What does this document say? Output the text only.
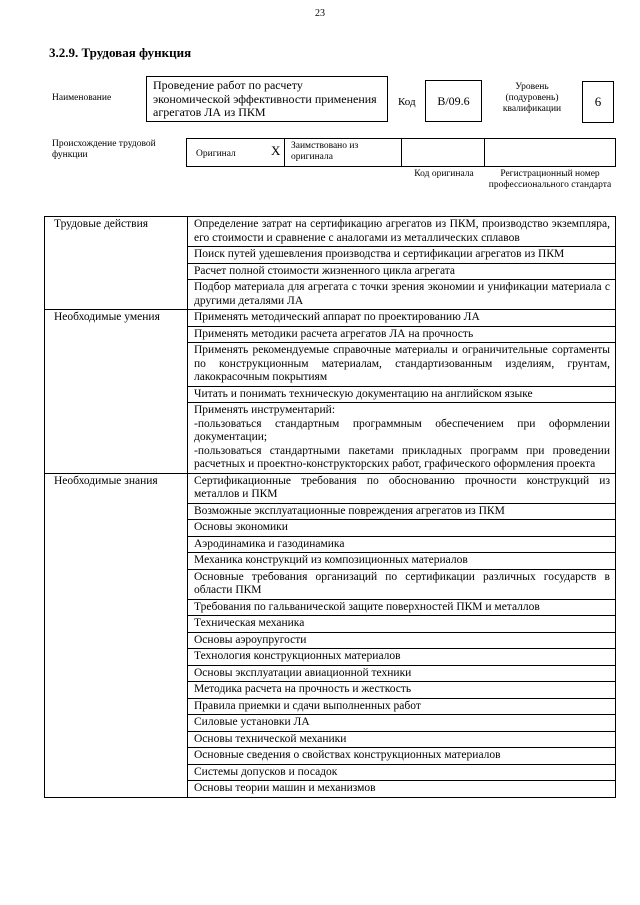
23
3.2.9. Трудовая функция
Наименование
Проведение работ по расчету экономической эффективности применения агрегатов ЛА из ПКМ
Код	B/09.6
Уровень (подуровень) квалификации	6
Происхождение трудовой функции	Оригинал	X	Заимствовано из оригинала
Код оригинала	Регистрационный номер профессионального стандарта
Трудовые действия	Определение затрат на сертификацию агрегатов из ПКМ, производство экземпляра, его стоимости и сравнение с аналогами из металлических сплавов
	Поиск путей удешевления производства и сертификации агрегатов из ПКМ
	Расчет полной стоимости жизненного цикла агрегата
	Подбор материала для агрегата с точки зрения экономии и унификации материала с другими деталями ЛА
Необходимые умения	Применять методический аппарат по проектированию ЛА
	Применять методики расчета агрегатов ЛА на прочность
	Применять рекомендуемые справочные материалы и ограничительные сортаменты по конструкционным материалам, стандартизованным изделиям, грунтам, лакокрасочным покрытиям
	Читать и понимать техническую документацию на английском языке

	Применять инструментарий:
-пользоваться стандартным программным обеспечением при оформлении документации;
-пользоваться стандартными пакетами прикладных программ при проведении расчетных и проектно-конструкторских работ, графического оформления проекта

Необходимые знания	Сертификационные требования по обоснованию прочности конструкций из металлов и ПКМ
	Возможные эксплуатационные повреждения агрегатов из ПКМ
	Основы экономики
	Аэродинамика и газодинамика
	Механика конструкций из композиционных материалов
	Основные требования организаций по сертификации различных государств в области ПКМ
	Требования по гальванической защите поверхностей ПКМ и металлов
	Техническая механика
	Основы аэроупругости
	Технология конструкционных материалов
	Основы эксплуатации авиационной техники
	Методика расчета на прочность и жесткость
	Правила приемки и сдачи выполненных работ
	Силовые установки ЛА
	Основы технической механики
	Основные сведения о свойствах конструкционных материалов
	Системы допусков и посадок
	Основы теории машин и механизмов
